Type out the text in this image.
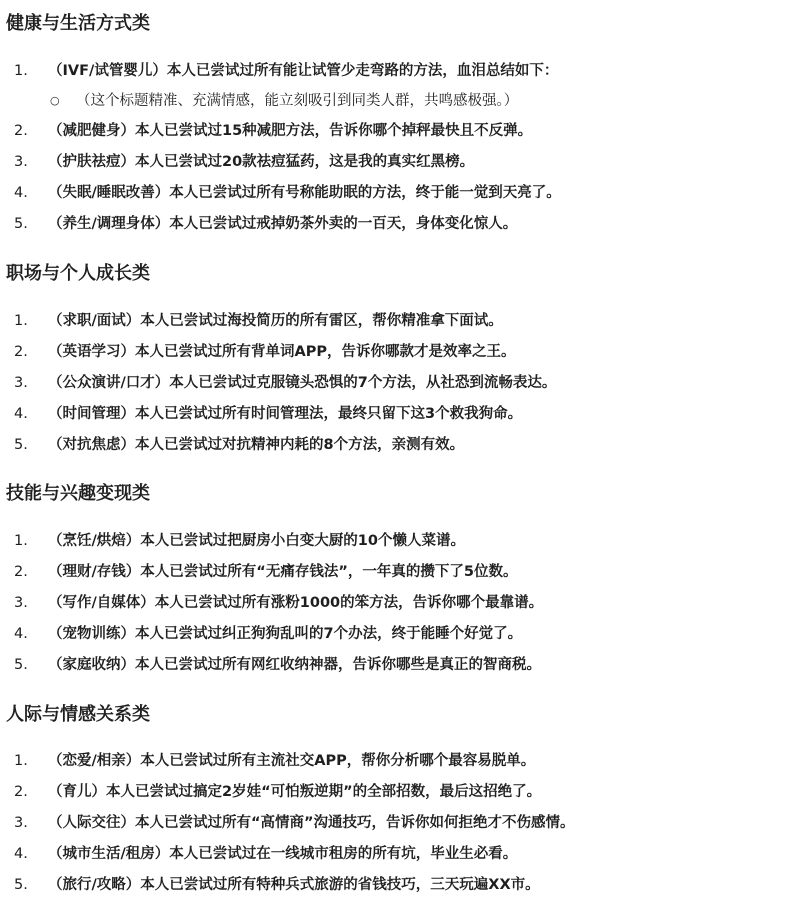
健康与生活方式类
1.	（IVF/试管婴儿）本人已尝试过所有能让试管少走弯路的方法，血泪总结如下：
○ （这个标题精准、充满情感，能立刻吸引到同类人群，共鸣感极强。）
2.	（减肥健身）本人已尝试过15种减肥方法，告诉你哪个掉秤最快且不反弹。
3.	（护肤祛痘）本人已尝试过20款祛痘猛药，这是我的真实红黑榜。
4.	（失眠/睡眠改善）本人已尝试过所有号称能助眠的方法，终于能一觉到天亮了。
5.	（养生/调理身体）本人已尝试过戒掉奶茶外卖的一百天，身体变化惊人。
职场与个人成长类
1.	（求职/面试）本人已尝试过海投简历的所有雷区，帮你精准拿下面试。
2.	（英语学习）本人已尝试过所有背单词APP，告诉你哪款才是效率之王。
3.	（公众演讲/口才）本人已尝试过克服镜头恐惧的7个方法，从社恐到流畅表达。
4.	（时间管理）本人已尝试过所有时间管理法，最终只留下这3个救我狗命。
5.	（对抗焦虑）本人已尝试过对抗精神内耗的8个方法，亲测有效。
技能与兴趣变现类
1.	（烹饪/烘焙）本人已尝试过把厨房小白变大厨的10个懒人菜谱。
2.	（理财/存钱）本人已尝试过所有“无痛存钱法”，一年真的攒下了5位数。
3.	（写作/自媒体）本人已尝试过所有涨粉1000的笨方法，告诉你哪个最靠谱。
4.	（宠物训练）本人已尝试过纠正狗狗乱叫的7个办法，终于能睡个好觉了。
5.	（家庭收纳）本人已尝试过所有网红收纳神器，告诉你哪些是真正的智商税。
人际与情感关系类
1.	（恋爱/相亲）本人已尝试过所有主流社交APP，帮你分析哪个最容易脱单。
2.	（育儿）本人已尝试过搞定2岁娃“可怕叛逆期”的全部招数，最后这招绝了。
3.	（人际交往）本人已尝试过所有“高情商”沟通技巧，告诉你如何拒绝才不伤感情。
4.	（城市生活/租房）本人已尝试过在一线城市租房的所有坑，毕业生必看。
5.	（旅行/攻略）本人已尝试过所有特种兵式旅游的省钱技巧，三天玩遍XX市。
